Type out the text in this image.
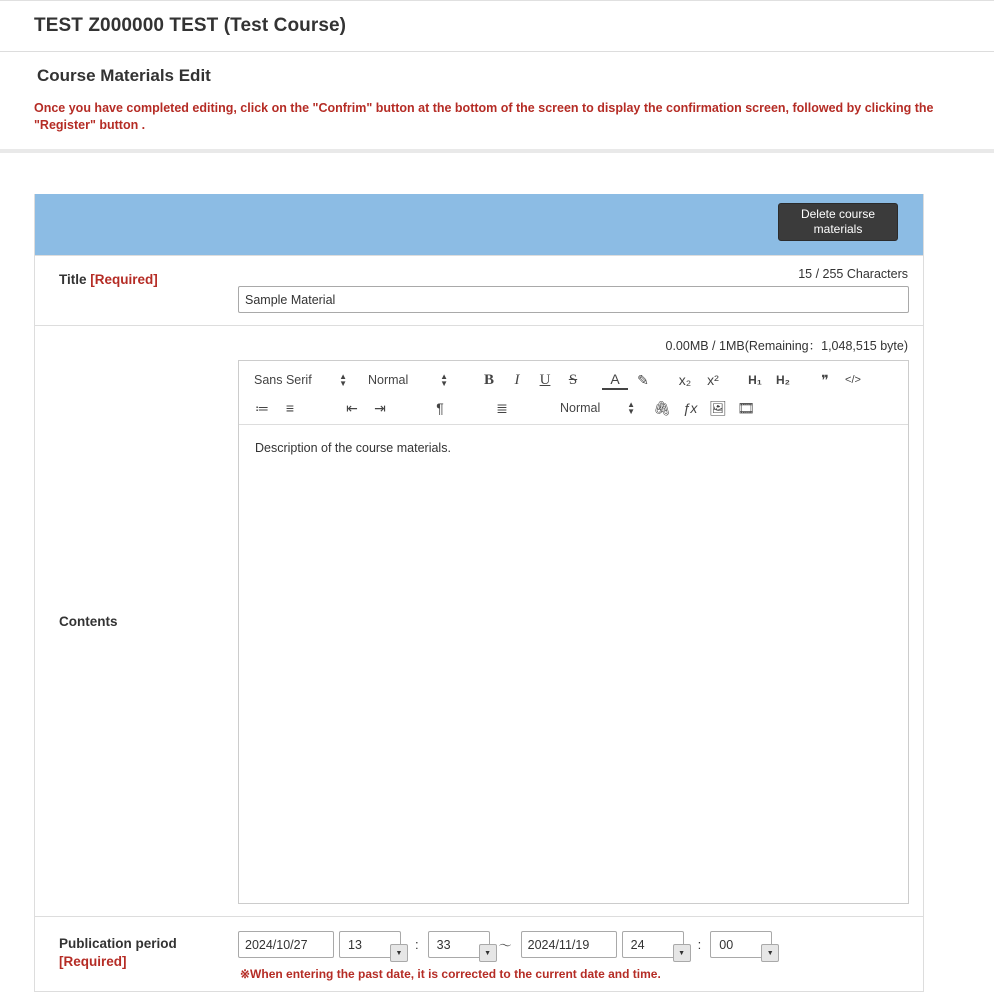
TEST Z000000 TEST (Test Course)
Course Materials Edit

Once you have completed editing, click on the "Confrim" button at the bottom of the screen to display the confirmation screen, followed by clicking the "Register" button .

Delete course materials
Title [Required]	15 / 255 Characters
Sample Material
Contents
0.00MB / 1MB(Remaining：1,048,515 byte)
Sans Serif	▲
▼ Normal	▲
▼	B	I	U	S	A	✎	x₂	x²	H₁	H₂	❞	</>
≔	≡	⇤	⇥	¶	≣	Normal	▲
▼ 🖇 ƒx 🖼 🎞
Description of the course materials.
Publication period
[Required]
2024/10/27
13
▼
: 33
▼ ～
2024/11/19	24
▼
: 00
▼
※When entering the past date, it is corrected to the current date and time.
